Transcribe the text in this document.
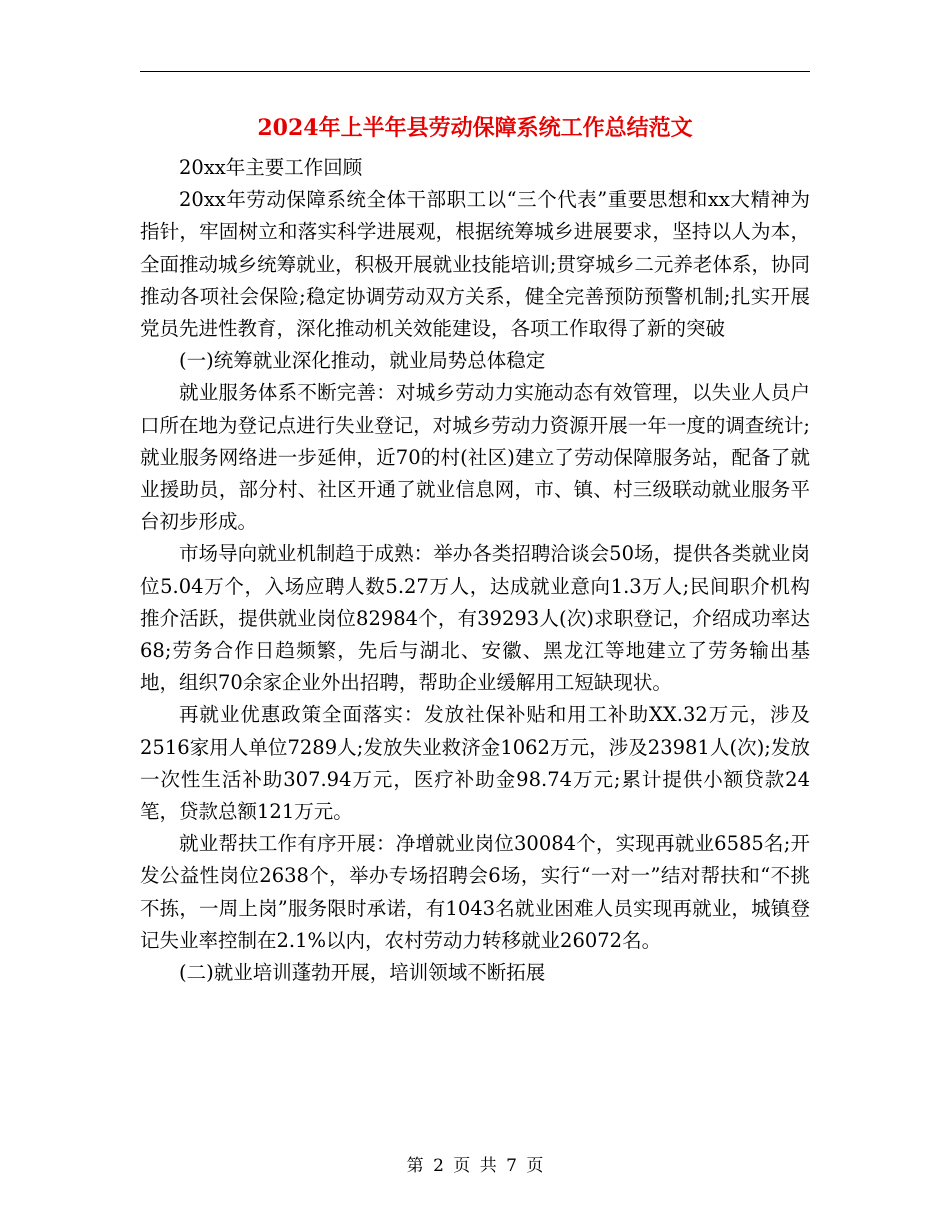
2024年上半年县劳动保障系统工作总结范文

20xx年主要工作回顾

20xx年劳动保障系统全体干部职工以“三个代表”重要思想和xx大精神为指针，牢固树立和落实科学进展观，根据统筹城乡进展要求，坚持以人为本，全面推动城乡统筹就业，积极开展就业技能培训;贯穿城乡二元养老体系，协同推动各项社会保险;稳定协调劳动双方关系，健全完善预防预警机制;扎实开展党员先进性教育，深化推动机关效能建设，各项工作取得了新的突破

(一)统筹就业深化推动，就业局势总体稳定

就业服务体系不断完善：对城乡劳动力实施动态有效管理，以失业人员户口所在地为登记点进行失业登记，对城乡劳动力资源开展一年一度的调查统计;就业服务网络进一步延伸，近70的村(社区)建立了劳动保障服务站，配备了就业援助员，部分村、社区开通了就业信息网，市、镇、村三级联动就业服务平台初步形成。

市场导向就业机制趋于成熟：举办各类招聘洽谈会50场，提供各类就业岗位5.04万个，入场应聘人数5.27万人，达成就业意向1.3万人;民间职介机构推介活跃，提供就业岗位82984个，有39293人(次)求职登记，介绍成功率达68;劳务合作日趋频繁，先后与湖北、安徽、黑龙江等地建立了劳务输出基地，组织70余家企业外出招聘，帮助企业缓解用工短缺现状。

再就业优惠政策全面落实：发放社保补贴和用工补助XX.32万元，涉及2516家用人单位7289人;发放失业救济金1062万元，涉及23981人(次);发放一次性生活补助307.94万元，医疗补助金98.74万元;累计提供小额贷款24笔，贷款总额121万元。

就业帮扶工作有序开展：净增就业岗位30084个，实现再就业6585名;开发公益性岗位2638个，举办专场招聘会6场，实行“一对一”结对帮扶和“不挑不拣，一周上岗”服务限时承诺，有1043名就业困难人员实现再就业，城镇登记失业率控制在2.1%以内，农村劳动力转移就业26072名。

(二)就业培训蓬勃开展，培训领域不断拓展

第 2 页 共 7 页
